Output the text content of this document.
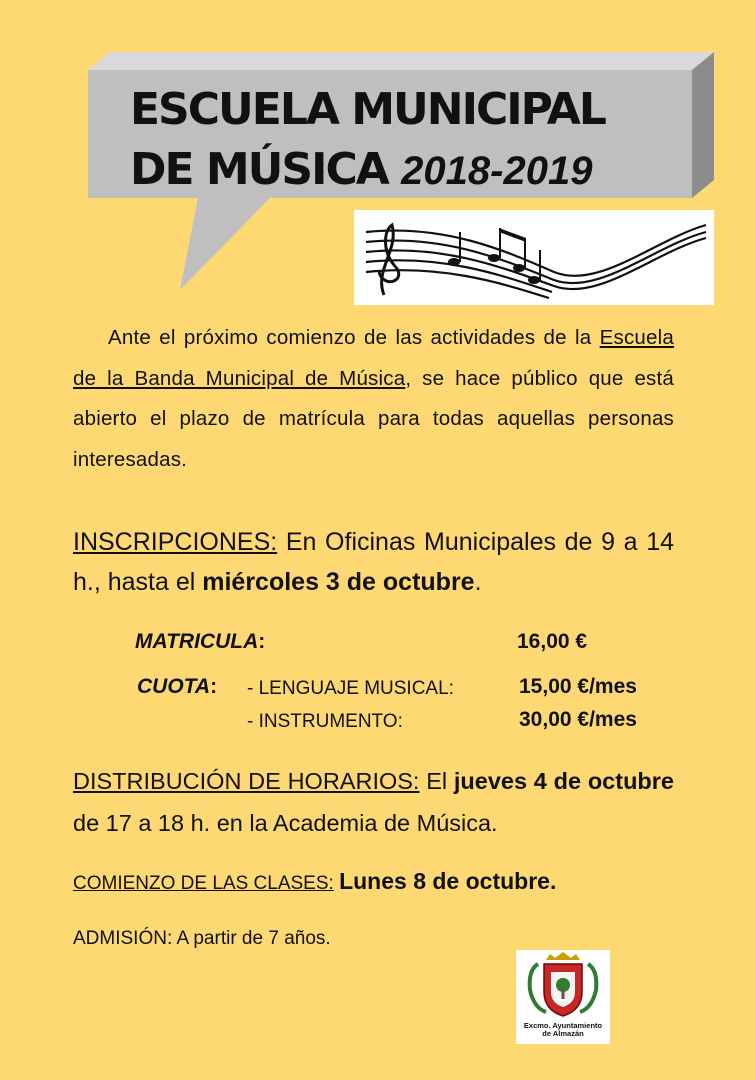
ESCUELA MUNICIPAL
DE MÚSICA 2018-2019
Ante el próximo comienzo de las actividades de la Escuela de la Banda Municipal de Música, se hace público que está abierto el plazo de matrícula para todas aquellas personas interesadas.
INSCRIPCIONES: En Oficinas Municipales de 9 a 14 h., hasta el miércoles 3 de octubre.
MATRICULA:	16,00 €
CUOTA: - LENGUAJE MUSICAL:	15,00 €/mes
- INSTRUMENTO:	30,00 €/mes
DISTRIBUCIÓN DE HORARIOS: El jueves 4 de octubre de 17 a 18 h. en la Academia de Música.
COMIENZO DE LAS CLASES: Lunes 8 de octubre.
ADMISIÓN: A partir de 7 años.
Excmo. Ayuntamiento
de Almazán
